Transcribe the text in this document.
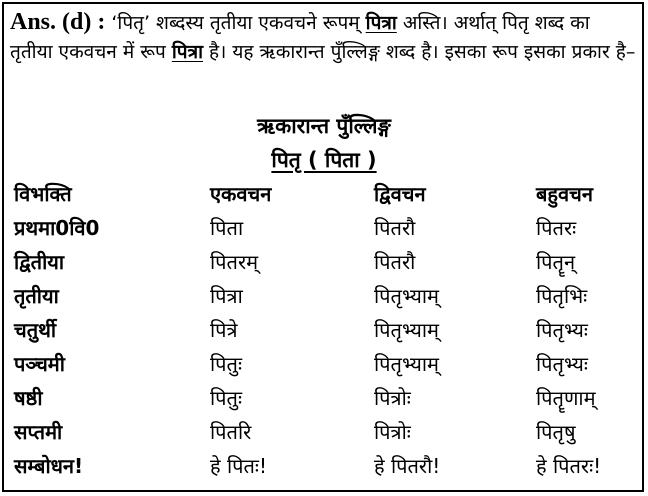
Ans. (d) : ‘पितृ’ शब्दस्य तृतीया एकवचने रूपम् पित्रा अस्ति। अर्थात् पितृ शब्द का तृतीया एकवचन में रूप पित्रा है। यह ऋकारान्त पुँल्लिङ्ग शब्द है। इसका रूप इसका प्रकार है–
ऋकारान्त पुँल्लिङ्ग
पितृ ( पिता )
विभक्ति	एकवचन	द्विवचन	बहुवचन
प्रथमा0वि0	पिता	पितरौ	पितरः
द्वितीया	पितरम्	पितरौ	पितॄन्
तृतीया	पित्रा	पितृभ्याम्	पितृभिः
चतुर्थी	पित्रे	पितृभ्याम्	पितृभ्यः
पञ्चमी	पितुः	पितृभ्याम्	पितृभ्यः
षष्ठी	पितुः	पित्रोः	पितॄणाम्
सप्तमी	पितरि	पित्रोः	पितृषु
सम्बोधन!	हे पितः!	हे पितरौ!	हे पितरः!
